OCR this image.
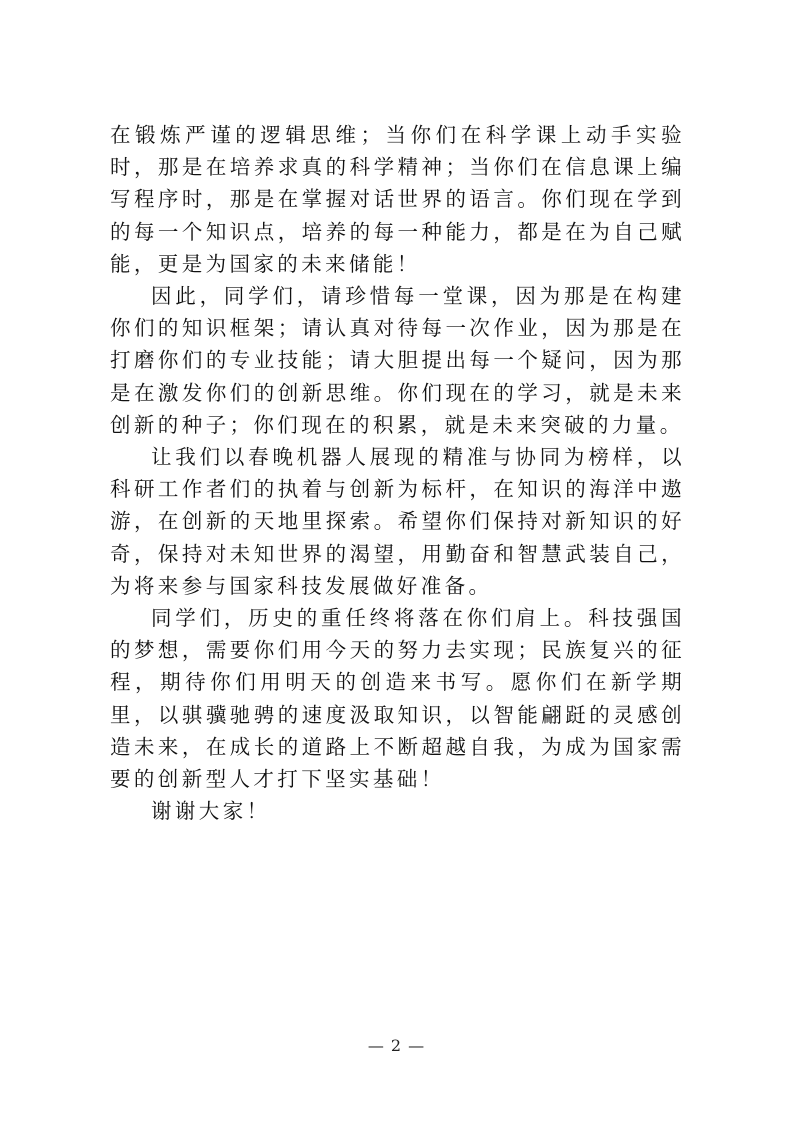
在锻炼严谨的逻辑思维；当你们在科学课上动手实验时，那是在培养求真的科学精神；当你们在信息课上编写程序时，那是在掌握对话世界的语言。你们现在学到的每一个知识点，培养的每一种能力，都是在为自己赋能，更是为国家的未来储能！

因此，同学们，请珍惜每一堂课，因为那是在构建你们的知识框架；请认真对待每一次作业，因为那是在打磨你们的专业技能；请大胆提出每一个疑问，因为那是在激发你们的创新思维。你们现在的学习，就是未来创新的种子；你们现在的积累，就是未来突破的力量。

让我们以春晚机器人展现的精准与协同为榜样，以科研工作者们的执着与创新为标杆，在知识的海洋中遨游，在创新的天地里探索。希望你们保持对新知识的好奇，保持对未知世界的渴望，用勤奋和智慧武装自己，为将来参与国家科技发展做好准备。

同学们，历史的重任终将落在你们肩上。科技强国的梦想，需要你们用今天的努力去实现；民族复兴的征程，期待你们用明天的创造来书写。愿你们在新学期里，以骐骥驰骋的速度汲取知识，以智能翩跹的灵感创造未来，在成长的道路上不断超越自我，为成为国家需要的创新型人才打下坚实基础！

谢谢大家！

— 2 —
